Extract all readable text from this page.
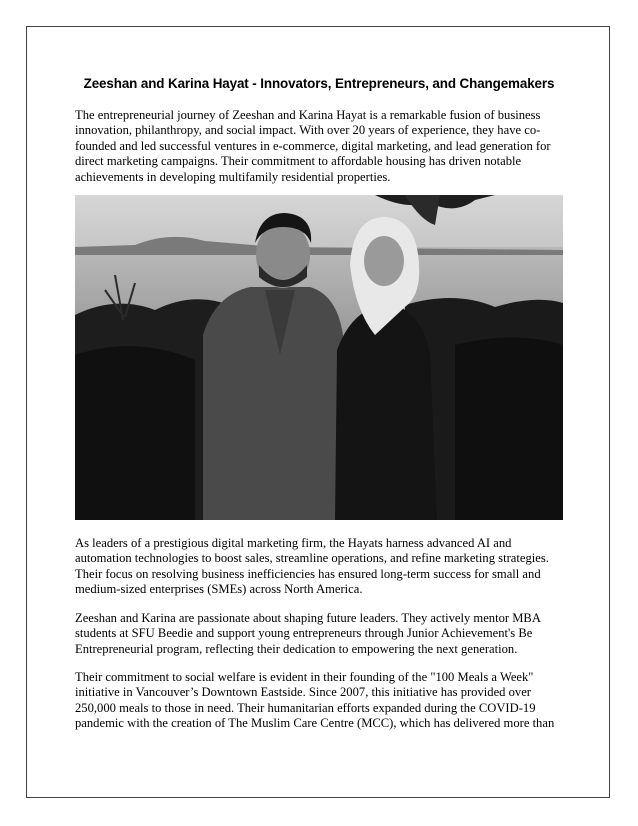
Zeeshan and Karina Hayat - Innovators, Entrepreneurs, and Changemakers

The entrepreneurial journey of Zeeshan and Karina Hayat is a remarkable fusion of business innovation, philanthropy, and social impact. With over 20 years of experience, they have co-founded and led successful ventures in e-commerce, digital marketing, and lead generation for direct marketing campaigns. Their commitment to affordable housing has driven notable achievements in developing multifamily residential properties.

As leaders of a prestigious digital marketing firm, the Hayats harness advanced AI and automation technologies to boost sales, streamline operations, and refine marketing strategies. Their focus on resolving business inefficiencies has ensured long-term success for small and medium-sized enterprises (SMEs) across North America.

Zeeshan and Karina are passionate about shaping future leaders. They actively mentor MBA students at SFU Beedie and support young entrepreneurs through Junior Achievement's Be Entrepreneurial program, reflecting their dedication to empowering the next generation.

Their commitment to social welfare is evident in their founding of the "100 Meals a Week" initiative in Vancouver’s Downtown Eastside. Since 2007, this initiative has provided over 250,000 meals to those in need. Their humanitarian efforts expanded during the COVID-19 pandemic with the creation of The Muslim Care Centre (MCC), which has delivered more than
